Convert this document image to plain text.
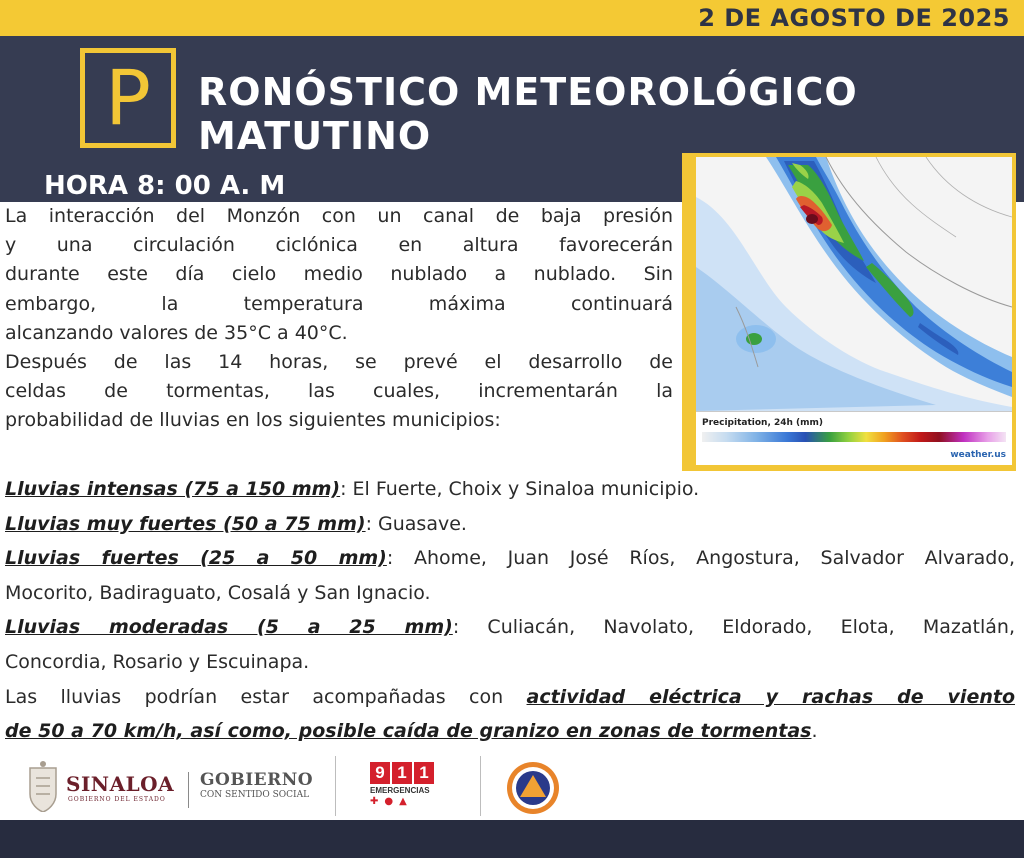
2 DE AGOSTO DE 2025
P	RONÓSTICO METEOROLÓGICO
MATUTINO
HORA 8: 00 A. M
Precipitation, 24h (mm)
weather.us

La interacción del Monzón con un canal de baja presión

y una circulación ciclónica en altura favorecerán

durante este día cielo medio nublado a nublado. Sin

embargo, la temperatura máxima continuará

alcanzando valores de 35°C a 40°C.

Después de las 14 horas, se prevé el desarrollo de

celdas de tormentas, las cuales, incrementarán la

probabilidad de lluvias en los siguientes municipios:

Lluvias intensas (75 a 150 mm): El Fuerte, Choix y Sinaloa municipio.

Lluvias muy fuertes (50 a 75 mm): Guasave.

Lluvias fuertes (25 a 50 mm): Ahome, Juan José Ríos, Angostura, Salvador Alvarado,

Mocorito, Badiraguato, Cosalá y San Ignacio.

Lluvias moderadas (5 a 25 mm): Culiacán, Navolato, Eldorado, Elota, Mazatlán,

Concordia, Rosario y Escuinapa.

Las lluvias podrían estar acompañadas con actividad eléctrica y rachas de viento

de 50 a 70 km/h, así como, posible caída de granizo en zonas de tormentas.

SINALOA
GOBIERNO DEL ESTADO
GOBIERNO
CON SENTIDO SOCIAL
9 1 1
EMERGENCIAS
✚●▲
